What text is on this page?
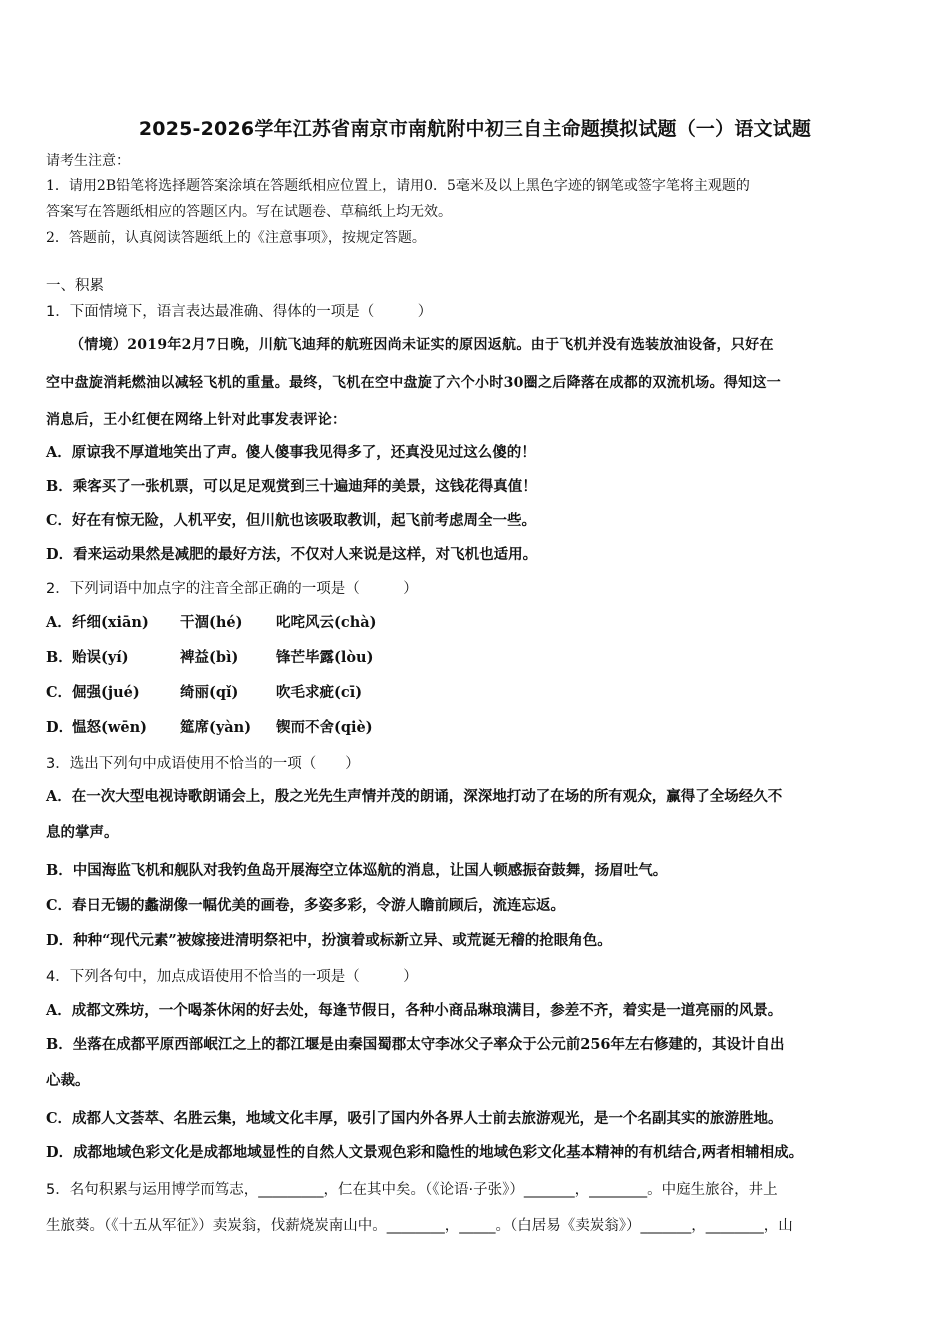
2025-2026学年江苏省南京市南航附中初三自主命题摸拟试题（一）语文试题
请考生注意：
1．请用2B铅笔将选择题答案涂填在答题纸相应位置上，请用0．5毫米及以上黑色字迹的钢笔或签字笔将主观题的
答案写在答题纸相应的答题区内。写在试题卷、草稿纸上均无效。
2．答题前，认真阅读答题纸上的《注意事项》，按规定答题。
一、积累
1．下面情境下，语言表达最准确、得体的一项是（　　　）
（情境）2019年2月7日晚，川航飞迪拜的航班因尚未证实的原因返航。由于飞机并没有选装放油设备，只好在
空中盘旋消耗燃油以减轻飞机的重量。最终，飞机在空中盘旋了六个小时30圈之后降落在成都的双流机场。得知这一
消息后，王小红便在网络上针对此事发表评论：
A．原谅我不厚道地笑出了声。傻人傻事我见得多了，还真没见过这么傻的！
B．乘客买了一张机票，可以足足观赏到三十遍迪拜的美景，这钱花得真值！
C．好在有惊无险，人机平安，但川航也该吸取教训，起飞前考虑周全一些。
D．看来运动果然是减肥的最好方法，不仅对人来说是这样，对飞机也适用。
2．下列词语中加点字的注音全部正确的一项是（　　　）
A．纤细(xiān) 干涸(hé) 叱咤风云(chà)
B．贻误(yí)	裨益(bì)	锋芒毕露(lòu)
C．倔强(jué)	绮丽(qǐ)	吹毛求疵(cī)
D．愠怒(wēn) 筵席(yàn) 锲而不舍(qiè)
3．选出下列句中成语使用不恰当的一项（　　）
A．在一次大型电视诗歌朗诵会上，殷之光先生声情并茂的朗诵，深深地打动了在场的所有观众，赢得了全场经久不
息的掌声。
B．中国海监飞机和舰队对我钓鱼岛开展海空立体巡航的消息，让国人顿感振奋鼓舞，扬眉吐气。
C．春日无锡的蠡湖像一幅优美的画卷，多姿多彩，令游人瞻前顾后，流连忘返。
D．种种“现代元素”被嫁接进清明祭祀中，扮演着或标新立异、或荒诞无稽的抢眼角色。
4．下列各句中，加点成语使用不恰当的一项是（　　　）
A．成都文殊坊，一个喝茶休闲的好去处，每逢节假日，各种小商品琳琅满目，参差不齐，着实是一道亮丽的风景。
B．坐落在成都平原西部岷江之上的都江堰是由秦国蜀郡太守李冰父子率众于公元前256年左右修建的，其设计自出
心裁。
C．成都人文荟萃、名胜云集，地域文化丰厚，吸引了国内外各界人士前去旅游观光，是一个名副其实的旅游胜地。
D．成都地域色彩文化是成都地域显性的自然人文景观色彩和隐性的地域色彩文化基本精神的有机结合,两者相辅相成。
5．名句积累与运用博学而笃志，_________，仁在其中矣。（《论语·子张》）_______，________。中庭生旅谷，井上
生旅葵。（《十五从军征》）卖炭翁，伐薪烧炭南山中。________，_____。（白居易《卖炭翁》）_______，________，山
